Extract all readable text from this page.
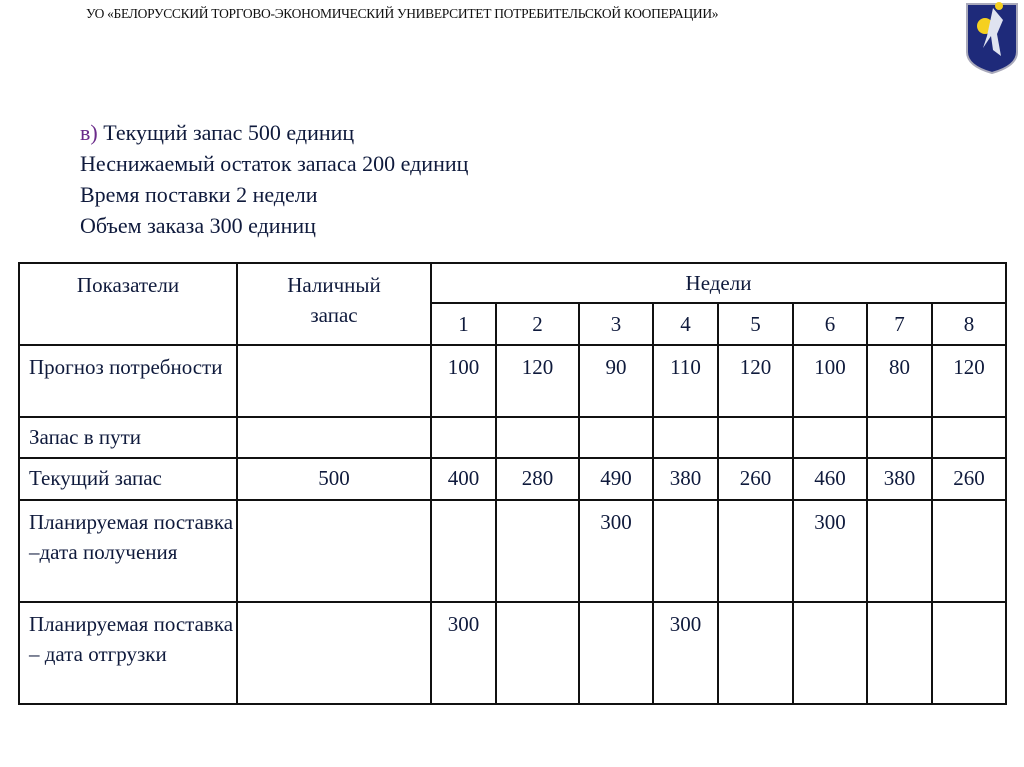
УО «БЕЛОРУССКИЙ ТОРГОВО-ЭКОНОМИЧЕСКИЙ УНИВЕРСИТЕТ ПОТРЕБИТЕЛЬСКОЙ КООПЕРАЦИИ»
в) Текущий запас 500 единиц
Неснижаемый остаток запаса 200 единиц
Время поставки 2 недели
Объем заказа 300 единиц
Показатели	Наличный запас	Недели							
		1	2	3	4	5	6	7	8
Прогноз потребности		100	120	90	110	120	100	80	120
Запас в пути									
Текущий запас	500	400	280	490	380	260	460	380	260
Планируемая поставка –дата получения				300			300		
Планируемая поставка – дата отгрузки		300			300				
